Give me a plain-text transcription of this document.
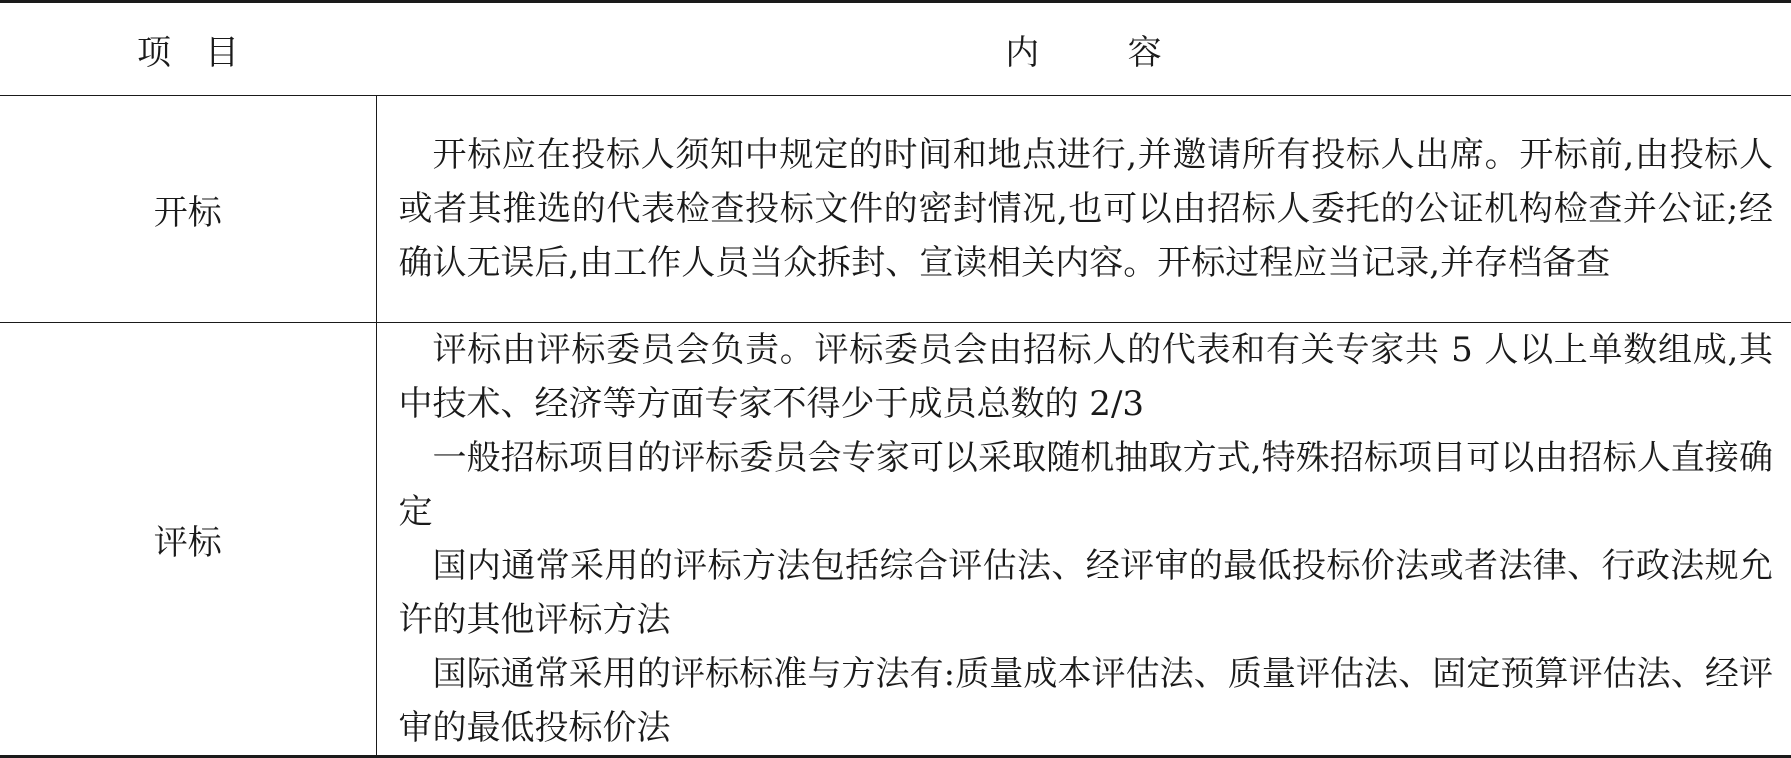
项目	内容
开标	开标应在投标人须知中规定的时间和地点进行,并邀请所有投标人出席。开标前,由投标人或者其推选的代表检查投标文件的密封情况,也可以由招标人委托的公证机构检查并公证;经确认无误后,由工作人员当众拆封、宣读相关内容。开标过程应当记录,并存档备查

评标	评标由评标委员会负责。评标委员会由招标人的代表和有关专家共 5 人以上单数组成,其中技术、经济等方面专家不得少于成员总数的 2/3

一般招标项目的评标委员会专家可以采取随机抽取方式,特殊招标项目可以由招标人直接确定

国内通常采用的评标方法包括综合评估法、经评审的最低投标价法或者法律、行政法规允许的其他评标方法

国际通常采用的评标标准与方法有:质量成本评估法、质量评估法、固定预算评估法、经评审的最低投标价法
